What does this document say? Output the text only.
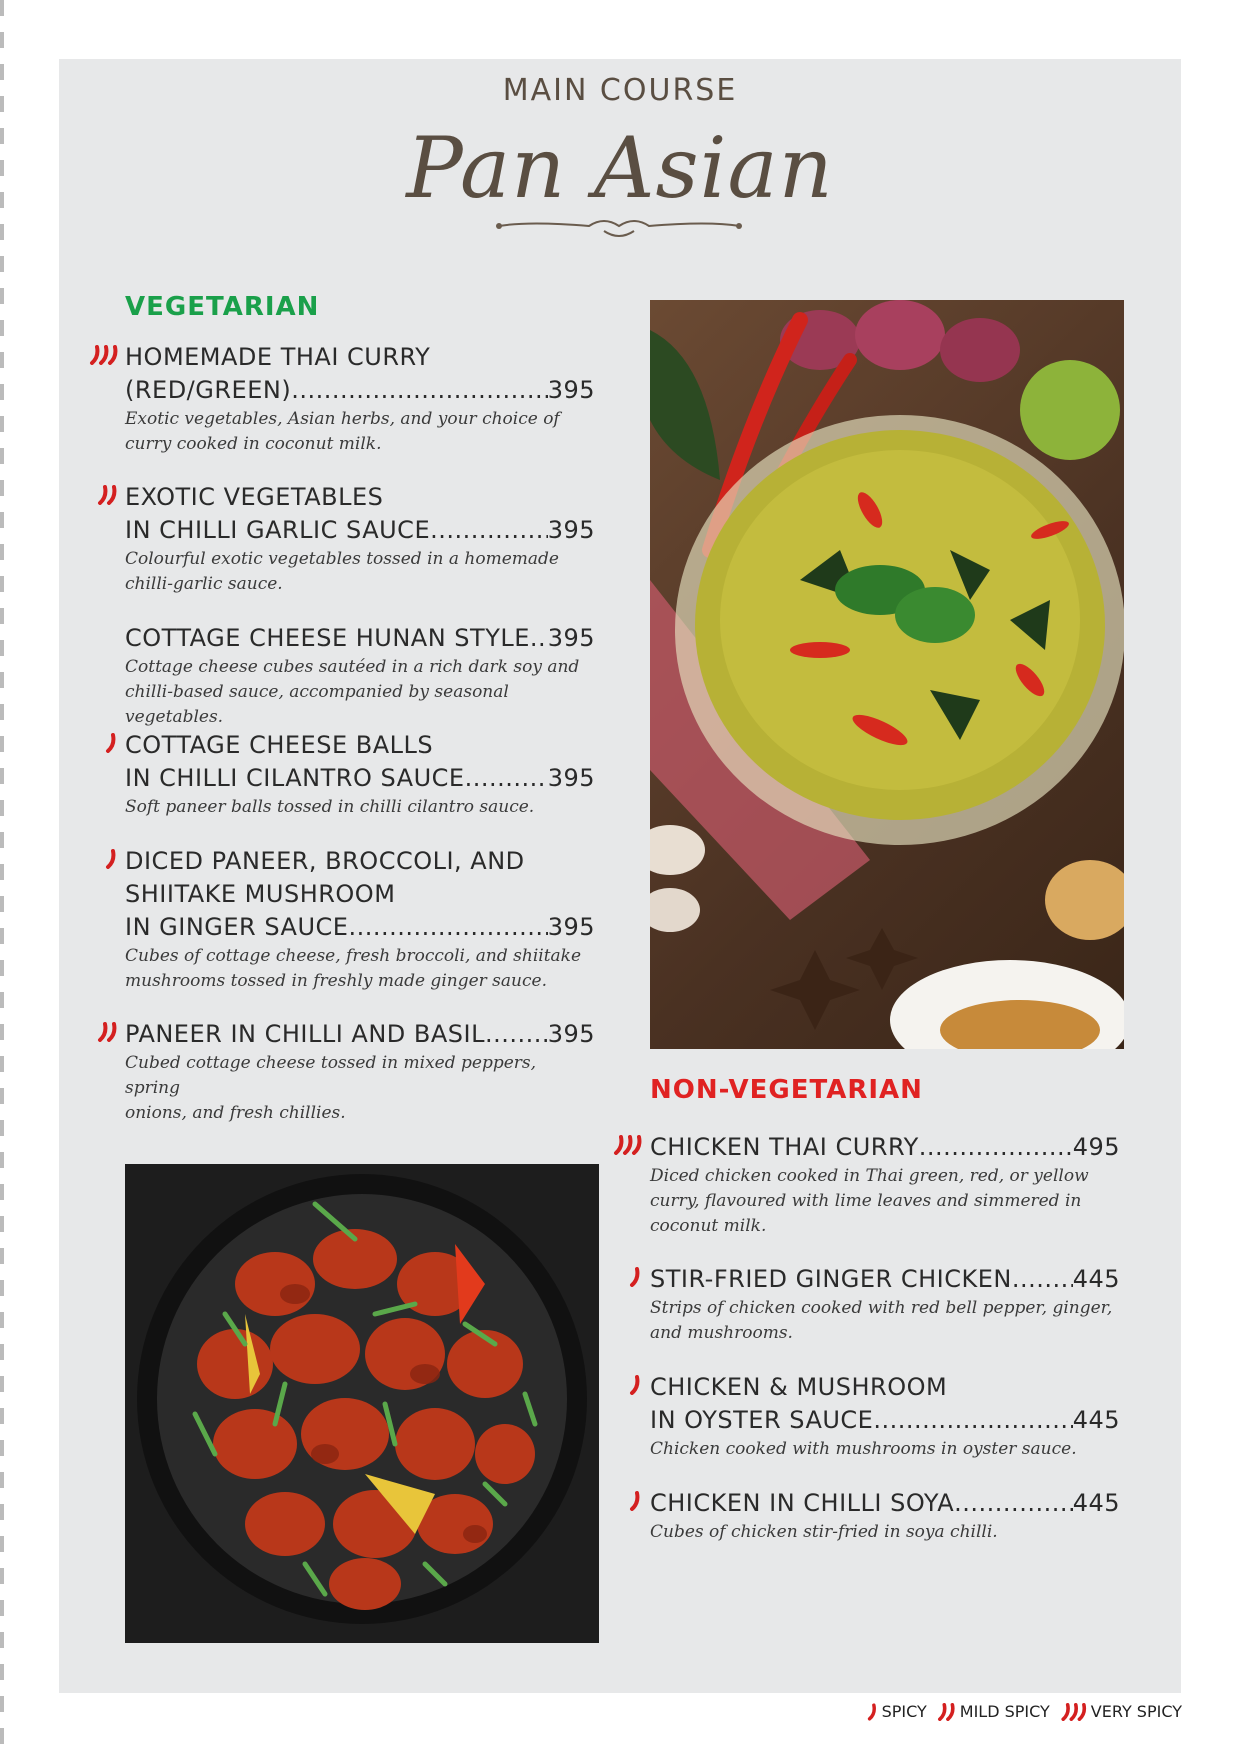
MAIN COURSE
Pan Asian
VEGETARIAN
HOMEMADE THAI CURRY
(RED/GREEN) .....	395
Exotic vegetables, Asian herbs, and your choice of
curry cooked in coconut milk.
EXOTIC VEGETABLES
IN CHILLI GARLIC SAUCE .....	395
Colourful exotic vegetables tossed in a homemade
chilli-garlic sauce.
COTTAGE CHEESE HUNAN STYLE ..... 395
Cottage cheese cubes sautéed in a rich dark soy and
chilli-based sauce, accompanied by seasonal vegetables.
COTTAGE CHEESE BALLS
IN CHILLI CILANTRO SAUCE .....	395
Soft paneer balls tossed in chilli cilantro sauce.
DICED PANEER, BROCCOLI, AND
SHIITAKE MUSHROOM
IN GINGER SAUCE .....	395
Cubes of cottage cheese, fresh broccoli, and shiitake
mushrooms tossed in freshly made ginger sauce.
PANEER IN CHILLI AND BASIL .....	395
Cubed cottage cheese tossed in mixed peppers, spring
onions, and fresh chillies.
NON-VEGETARIAN
CHICKEN THAI CURRY .....	495
Diced chicken cooked in Thai green, red, or yellow
curry, flavoured with lime leaves and simmered in
coconut milk.
STIR-FRIED GINGER CHICKEN .....	445
Strips of chicken cooked with red bell pepper, ginger,
and mushrooms.
CHICKEN & MUSHROOM
IN OYSTER SAUCE .....	445
Chicken cooked with mushrooms in oyster sauce.
CHICKEN IN CHILLI SOYA .....	445
Cubes of chicken stir-fried in soya chilli.
SPICY MILD SPICY	VERY SPICY
